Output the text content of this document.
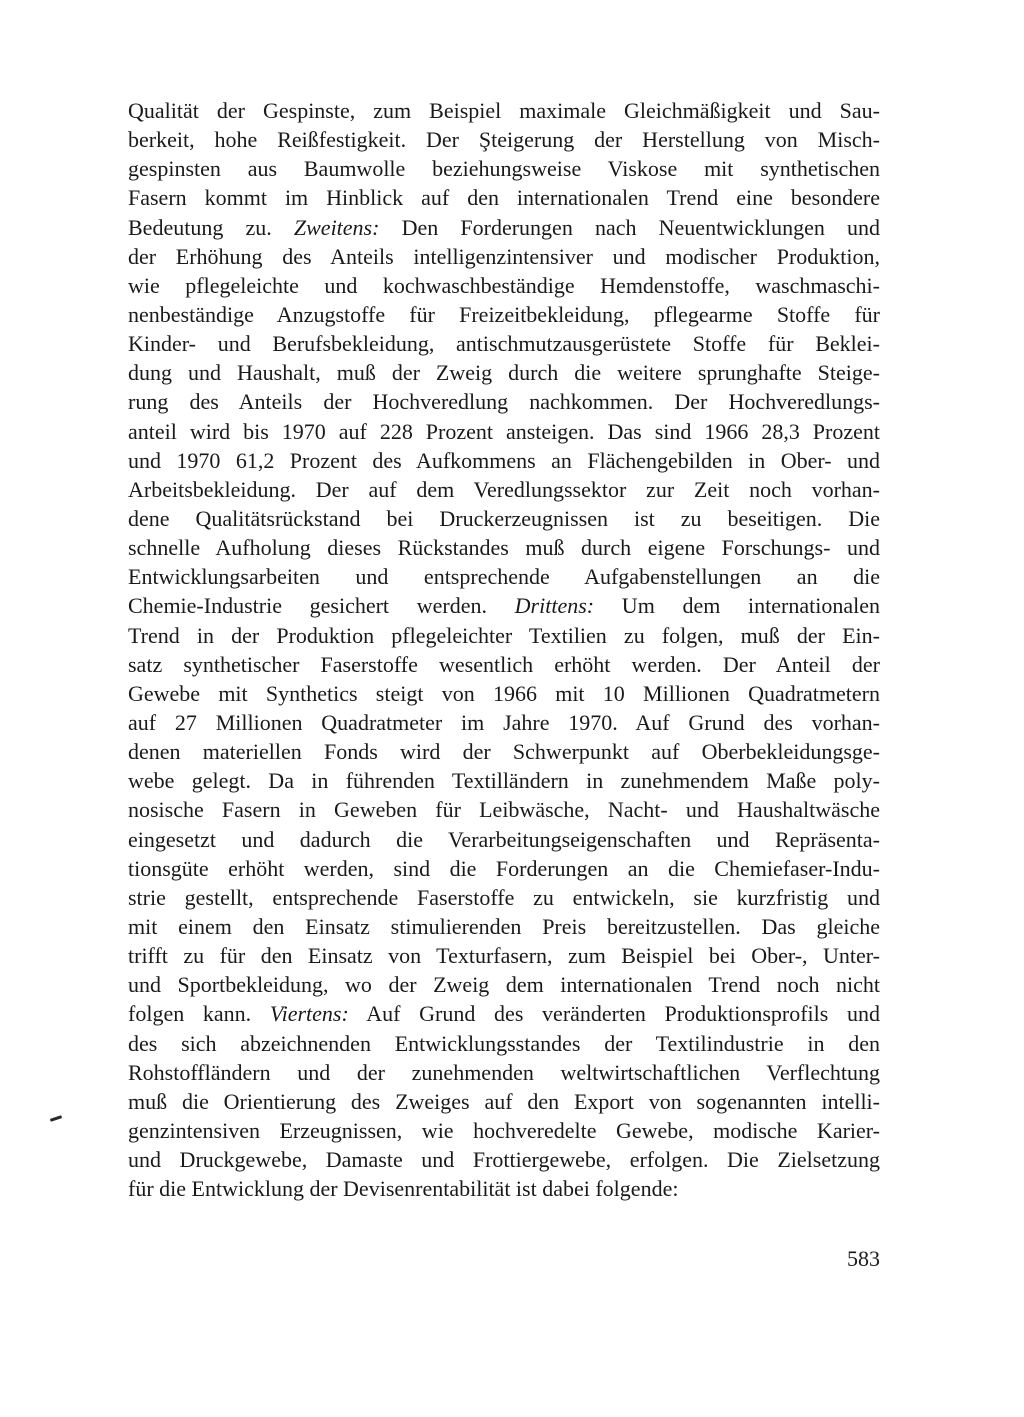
Qualität der Gespinste, zum Beispiel maximale Gleichmäßigkeit und Sau-
berkeit, hohe Reißfestigkeit. Der Şteigerung der Herstellung von Misch-
gespinsten aus Baumwolle beziehungsweise Viskose mit synthetischen
Fasern kommt im Hinblick auf den internationalen Trend eine besondere
Bedeutung zu. Zweitens: Den Forderungen nach Neuentwicklungen und
der Erhöhung des Anteils intelligenzintensiver und modischer Produktion,
wie pflegeleichte und kochwaschbeständige Hemdenstoffe, waschmaschi-
nenbeständige Anzugstoffe für Freizeitbekleidung, pflegearme Stoffe für
Kinder- und Berufsbekleidung, antischmutzausgerüstete Stoffe für Beklei-
dung und Haushalt, muß der Zweig durch die weitere sprunghafte Steige-
rung des Anteils der Hochveredlung nachkommen. Der Hochveredlungs-
anteil wird bis 1970 auf 228 Prozent ansteigen. Das sind 1966 28,3 Prozent
und 1970 61,2 Prozent des Aufkommens an Flächengebilden in Ober- und
Arbeitsbekleidung. Der auf dem Veredlungssektor zur Zeit noch vorhan-
dene Qualitätsrückstand bei Druckerzeugnissen ist zu beseitigen. Die
schnelle Aufholung dieses Rückstandes muß durch eigene Forschungs- und
Entwicklungsarbeiten und entsprechende Aufgabenstellungen an die
Chemie-Industrie gesichert werden. Drittens: Um dem internationalen
Trend in der Produktion pflegeleichter Textilien zu folgen, muß der Ein-
satz synthetischer Faserstoffe wesentlich erhöht werden. Der Anteil der
Gewebe mit Synthetics steigt von 1966 mit 10 Millionen Quadratmetern
auf 27 Millionen Quadratmeter im Jahre 1970. Auf Grund des vorhan-
denen materiellen Fonds wird der Schwerpunkt auf Oberbekleidungsge-
webe gelegt. Da in führenden Textilländern in zunehmendem Maße poly-
nosische Fasern in Geweben für Leibwäsche, Nacht- und Haushaltwäsche
eingesetzt und dadurch die Verarbeitungseigenschaften und Repräsenta-
tionsgüte erhöht werden, sind die Forderungen an die Chemiefaser-Indu-
strie gestellt, entsprechende Faserstoffe zu entwickeln, sie kurzfristig und
mit einem den Einsatz stimulierenden Preis bereitzustellen. Das gleiche
trifft zu für den Einsatz von Texturfasern, zum Beispiel bei Ober-, Unter-
und Sportbekleidung, wo der Zweig dem internationalen Trend noch nicht
folgen kann. Viertens: Auf Grund des veränderten Produktionsprofils und
des sich abzeichnenden Entwicklungsstandes der Textilindustrie in den
Rohstoffländern und der zunehmenden weltwirtschaftlichen Verflechtung
muß die Orientierung des Zweiges auf den Export von sogenannten intelli-
genzintensiven Erzeugnissen, wie hochveredelte Gewebe, modische Karier-
und Druckgewebe, Damaste und Frottiergewebe, erfolgen. Die Zielsetzung
für die Entwicklung der Devisenrentabilität ist dabei folgende:
583
